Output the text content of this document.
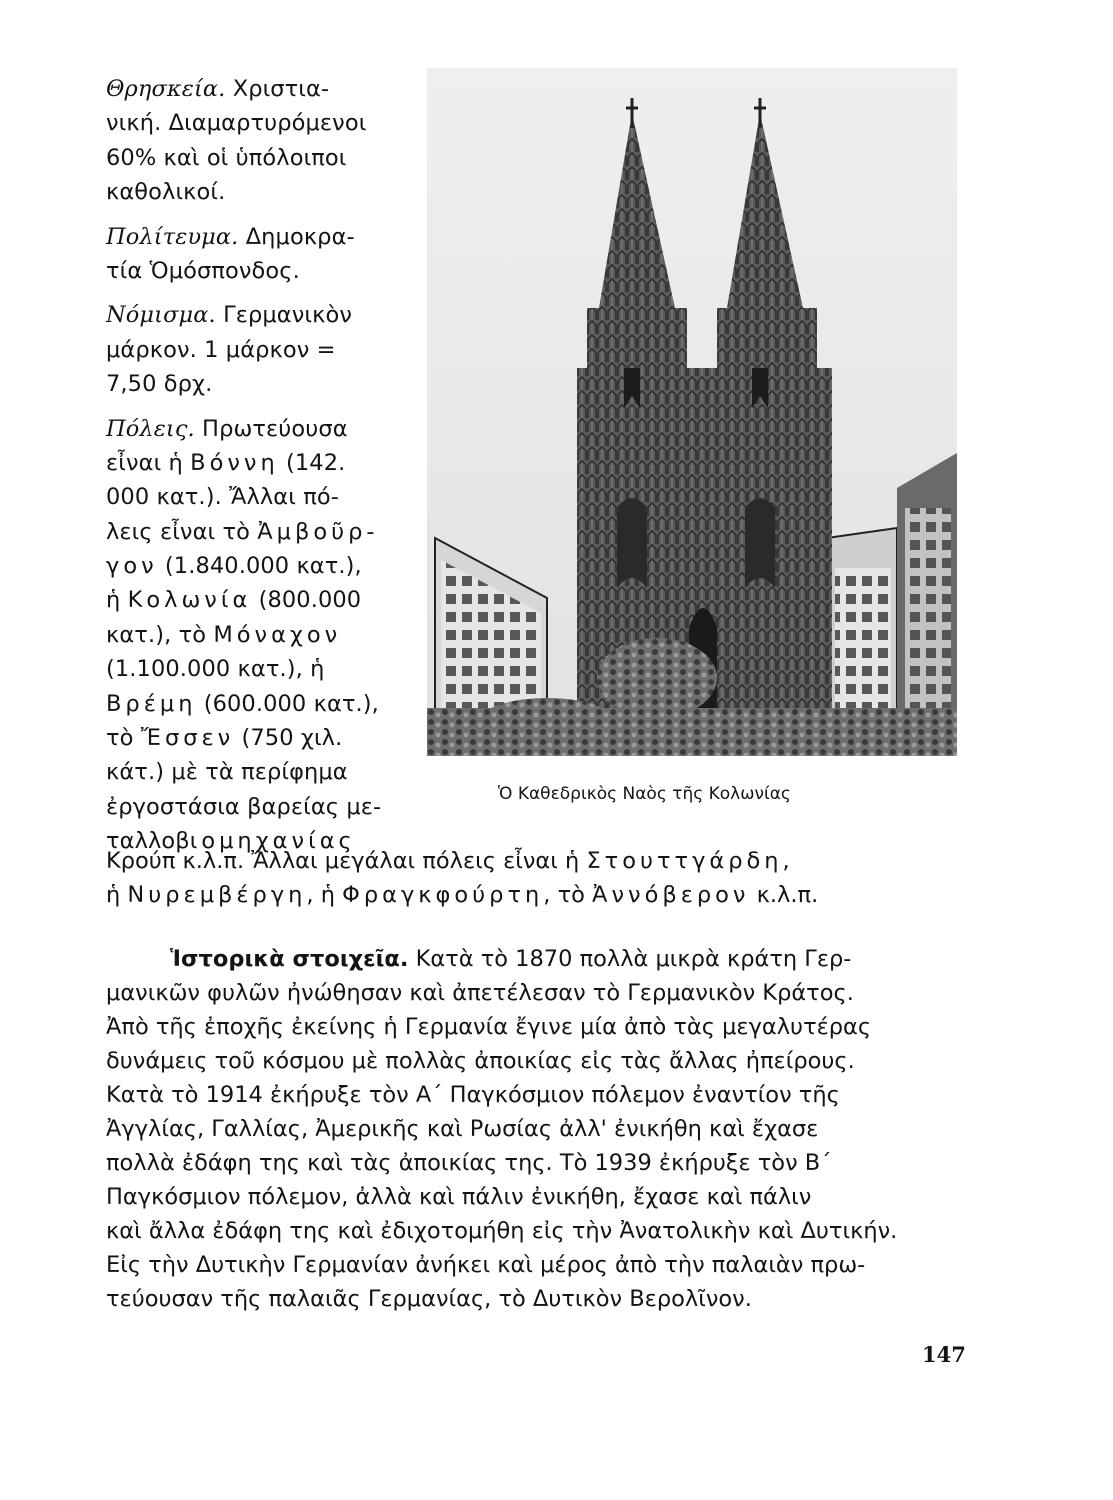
Θρησκεία. Χριστια-
νική. Διαμαρτυρόμενοι
60% καὶ οἱ ὑπόλοιποι
καθολικοί.
Πολίτευμα. Δημοκρα-
τία Ὁμόσπονδος.
Νόμισμα. Γερμανικὸν
μάρκον. 1 μάρκον =
7,50 δρχ.
Πόλεις. Πρωτεύουσα
εἶναι ἡ Βόννη (142.
000 κατ.). Ἄλλαι πό-
λεις εἶναι τὸ Ἀμβοῦρ-
γον (1.840.000 κατ.),
ἡ Κολωνία (800.000
κατ.), τὸ Μόναχον
(1.100.000 κατ.), ἡ
Βρέμη (600.000 κατ.),
τὸ Ἔσσεν (750 χιλ.
κάτ.) μὲ τὰ περίφημα
ἐργοστάσια βαρείας με-
ταλλοβιομηχανίας
Ὁ Καθεδρικὸς Ναὸς τῆς Κολωνίας
Κρούπ κ.λ.π. Ἄλλαι μεγάλαι πόλεις εἶναι ἡ Στουττγάρδη,
ἡ Νυρεμβέργη, ἡ Φραγκφούρτη, τὸ Ἀννόβερον κ.λ.π.
Ἱστορικὰ στοιχεῖα. Κατὰ τὸ 1870 πολλὰ μικρὰ κράτη Γερ-
μανικῶν φυλῶν ἠνώθησαν καὶ ἀπετέλεσαν τὸ Γερμανικὸν Κράτος.
Ἀπὸ τῆς ἐποχῆς ἐκείνης ἡ Γερμανία ἔγινε μία ἀπὸ τὰς μεγαλυτέρας
δυνάμεις τοῦ κόσμου μὲ πολλὰς ἀποικίας εἰς τὰς ἄλλας ἠπείρους.
Κατὰ τὸ 1914 ἐκήρυξε τὸν Α΄ Παγκόσμιον πόλεμον ἐναντίον τῆς
Ἀγγλίας, Γαλλίας, Ἀμερικῆς καὶ Ρωσίας ἀλλ' ἐνικήθη καὶ ἔχασε
πολλὰ ἐδάφη της καὶ τὰς ἀποικίας της. Τὸ 1939 ἐκήρυξε τὸν Β΄
Παγκόσμιον πόλεμον, ἀλλὰ καὶ πάλιν ἐνικήθη, ἔχασε καὶ πάλιν
καὶ ἄλλα ἐδάφη της καὶ ἐδιχοτομήθη εἰς τὴν Ἀνατολικὴν καὶ Δυτικήν.
Εἰς τὴν Δυτικὴν Γερμανίαν ἀνήκει καὶ μέρος ἀπὸ τὴν παλαιὰν πρω-
τεύουσαν τῆς παλαιᾶς Γερμανίας, τὸ Δυτικὸν Βερολῖνον.
147
